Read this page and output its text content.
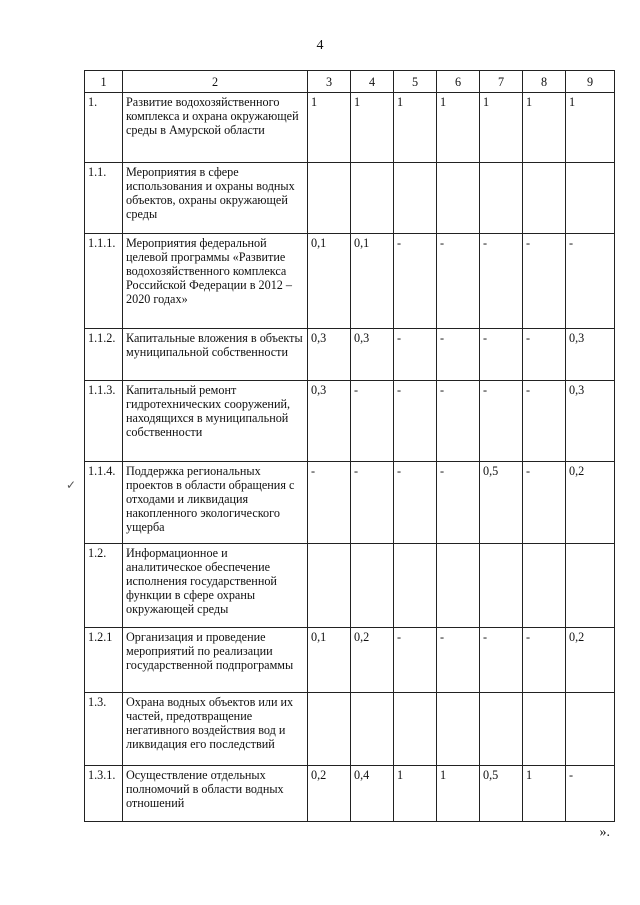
4
1	2	3	4	5	6	7	8	9
1.	Развитие водохозяйственного комплекса и охрана окружающей среды в Амурской области	1	1	1	1	1	1	1
1.1.	Мероприятия в сфере использования и охраны водных объектов, охраны окружающей среды							
1.1.1.	Мероприятия федеральной целевой программы «Развитие водохозяйственного комплекса Российской Федерации в 2012 – 2020 годах»	0,1	0,1	-	-	-	-	-
1.1.2.	Капитальные вложения в объекты муниципальной собственности	0,3	0,3	-	-	-	-	0,3
1.1.3.	Капитальный ремонт гидротехнических сооружений, находящихся в муниципальной собственности	0,3	-	-	-	-	-	0,3
1.1.4.	Поддержка региональных проектов в области обращения с отходами и ликвидация накопленного экологического ущерба	-	-	-	-	0,5	-	0,2
1.2.	Информационное и аналитическое обеспечение исполнения государственной функции в сфере охраны окружающей среды							
1.2.1	Организация и проведение мероприятий по реализации государственной подпрограммы	0,1	0,2	-	-	-	-	0,2
1.3.	Охрана водных объектов или их частей, предотвращение негативного воздействия вод и ликвидация его последствий							
1.3.1.	Осуществление отдельных полномочий в области водных отношений	0,2	0,4	1	1	0,5	1	-
✓
».
